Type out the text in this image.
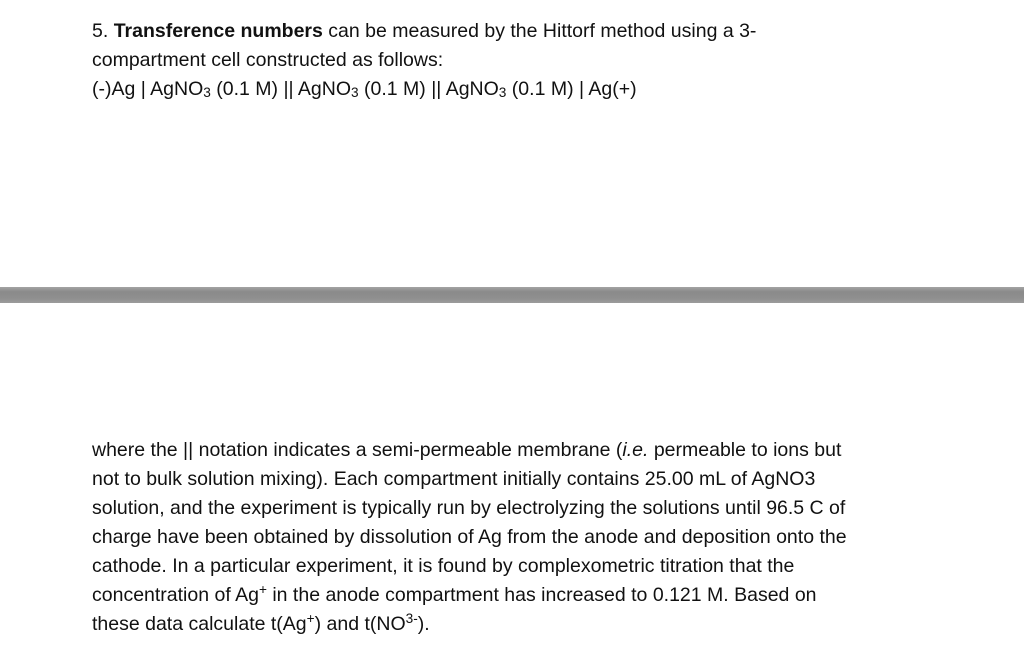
5. Transference numbers can be measured by the Hittorf method using a 3-
compartment cell constructed as follows:
(-)Ag | AgNO$_3$ (0.1 M) || AgNO$_3$ (0.1 M) || AgNO$_3$ (0.1 M) | Ag(+)
where the || notation indicates a semi-permeable membrane (i.e. permeable to ions but
not to bulk solution mixing). Each compartment initially contains 25.00 mL of AgNO3
solution, and the experiment is typically run by electrolyzing the solutions until 96.5 C of
charge have been obtained by dissolution of Ag from the anode and deposition onto the
cathode. In a particular experiment, it is found by complexometric titration that the
concentration of Ag+ in the anode compartment has increased to 0.121 M. Based on
these data calculate t(Ag+) and $t(NO^{3-})$.
